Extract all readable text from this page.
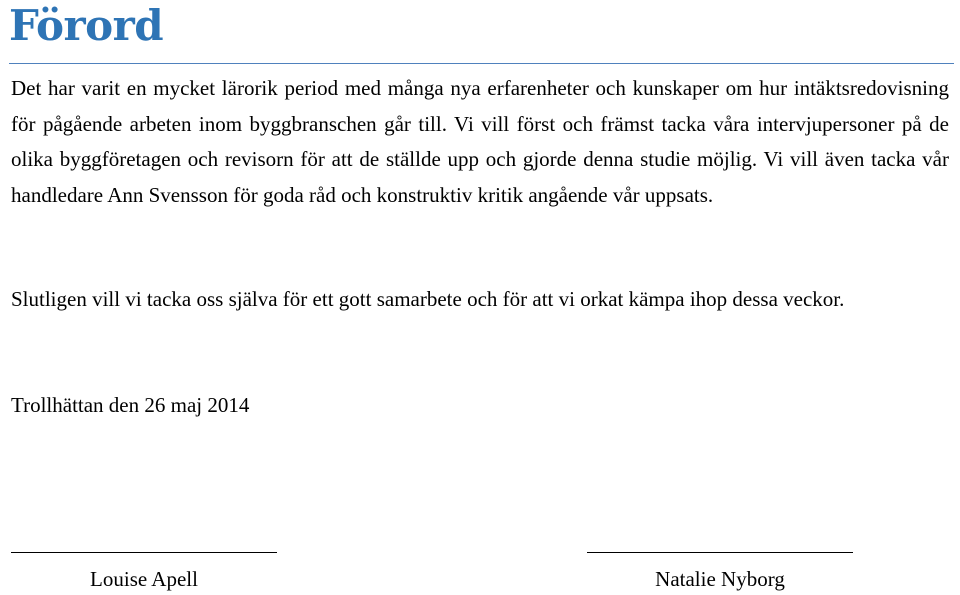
Förord

Det har varit en mycket lärorik period med många nya erfarenheter och kunskaper om hur intäktsredovisning för pågående arbeten inom byggbranschen går till. Vi vill först och främst tacka våra intervjupersoner på de olika byggföretagen och revisorn för att de ställde upp och gjorde denna studie möjlig. Vi vill även tacka vår handledare Ann Svensson för goda råd och konstruktiv kritik angående vår uppsats.

Slutligen vill vi tacka oss själva för ett gott samarbete och för att vi orkat kämpa ihop dessa veckor.

Trollhättan den 26 maj 2014

Louise Apell	Natalie Nyborg
